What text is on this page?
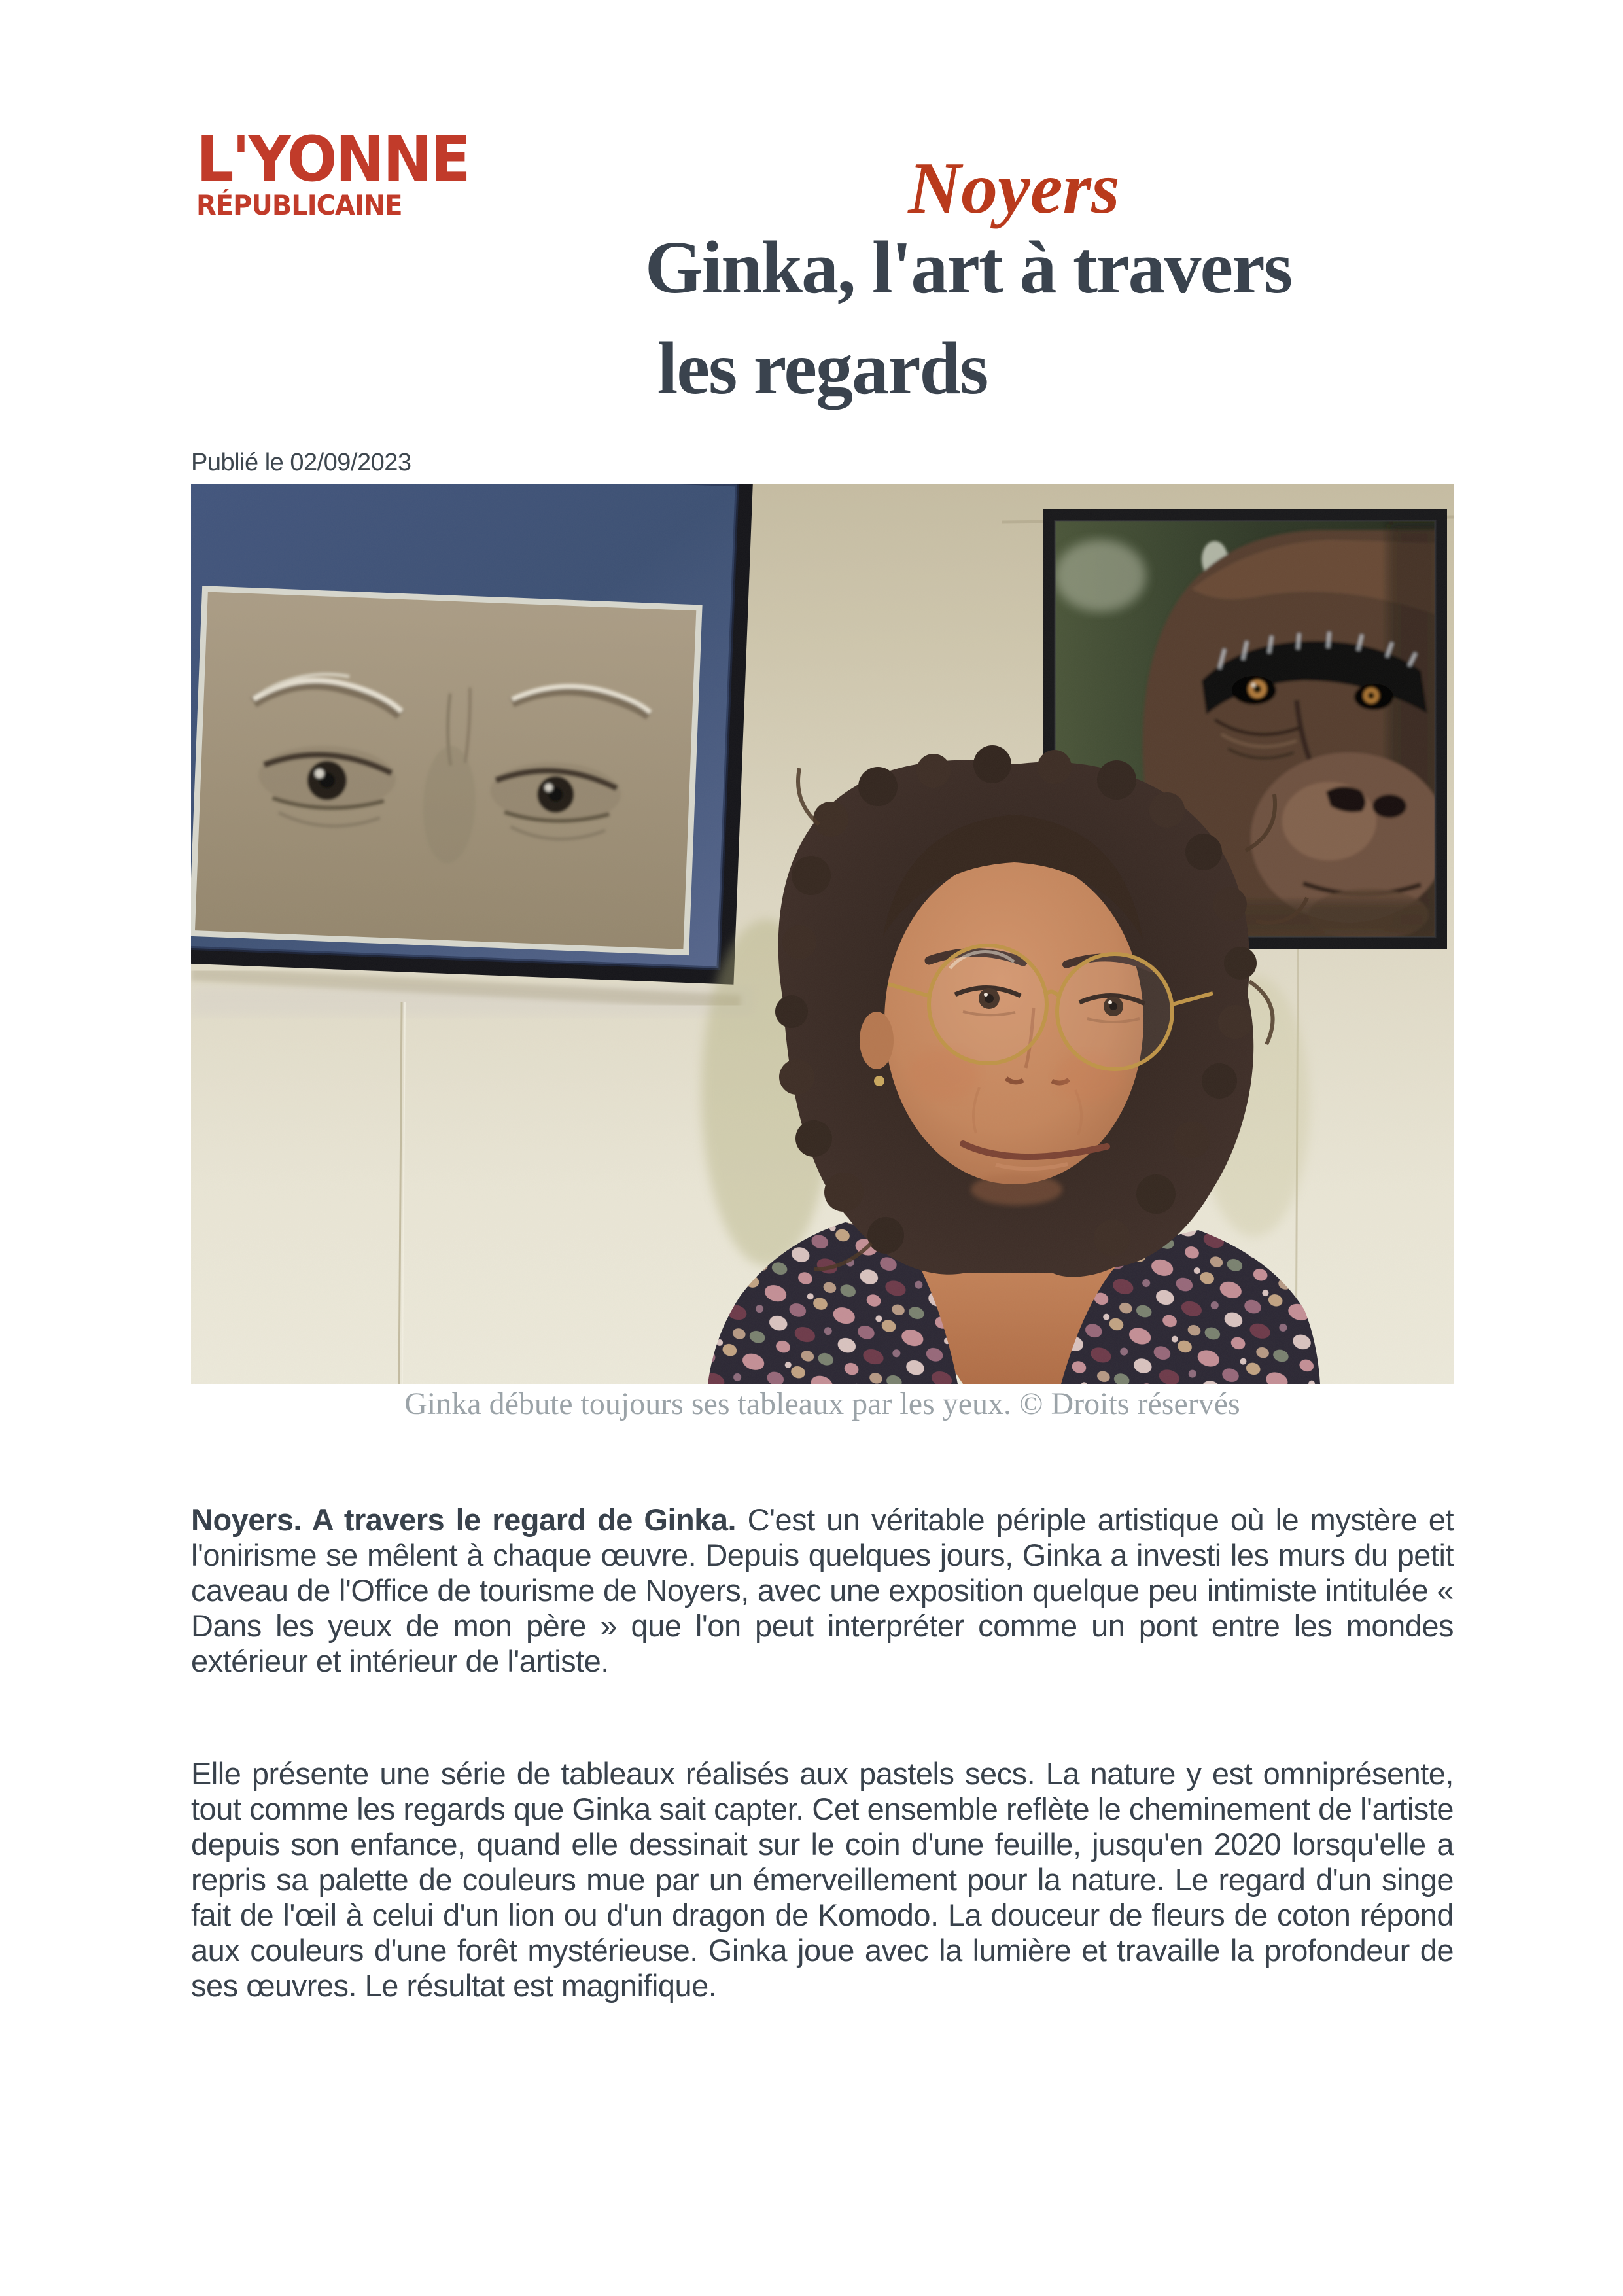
L'YONNE
RÉPUBLICAINE	Noyers
Ginka, l'art à travers
les regards
Publié le 02/09/2023
Ginka débute toujours ses tableaux par les yeux. © Droits réservés

Noyers. A travers le regard de Ginka. C'est un véritable périple artistique où le mystère et l'onirisme se mêlent à chaque œuvre. Depuis quelques jours, Ginka a investi les murs du petit caveau de l'Office de tourisme de Noyers, avec une exposition quelque peu intimiste intitulée « Dans les yeux de mon père » que l'on peut interpréter comme un pont entre les mondes extérieur et intérieur de l'artiste.

Elle présente une série de tableaux réalisés aux pastels secs. La nature y est omniprésente, tout comme les regards que Ginka sait capter. Cet ensemble reflète le cheminement de l'artiste depuis son enfance, quand elle dessinait sur le coin d'une feuille, jusqu'en 2020 lorsqu'elle a repris sa palette de couleurs mue par un émerveillement pour la nature. Le regard d'un singe fait de l'œil à celui d'un lion ou d'un dragon de Komodo. La douceur de fleurs de coton répond aux couleurs d'une forêt mystérieuse. Ginka joue avec la lumière et travaille la profondeur de ses œuvres. Le résultat est magnifique.
